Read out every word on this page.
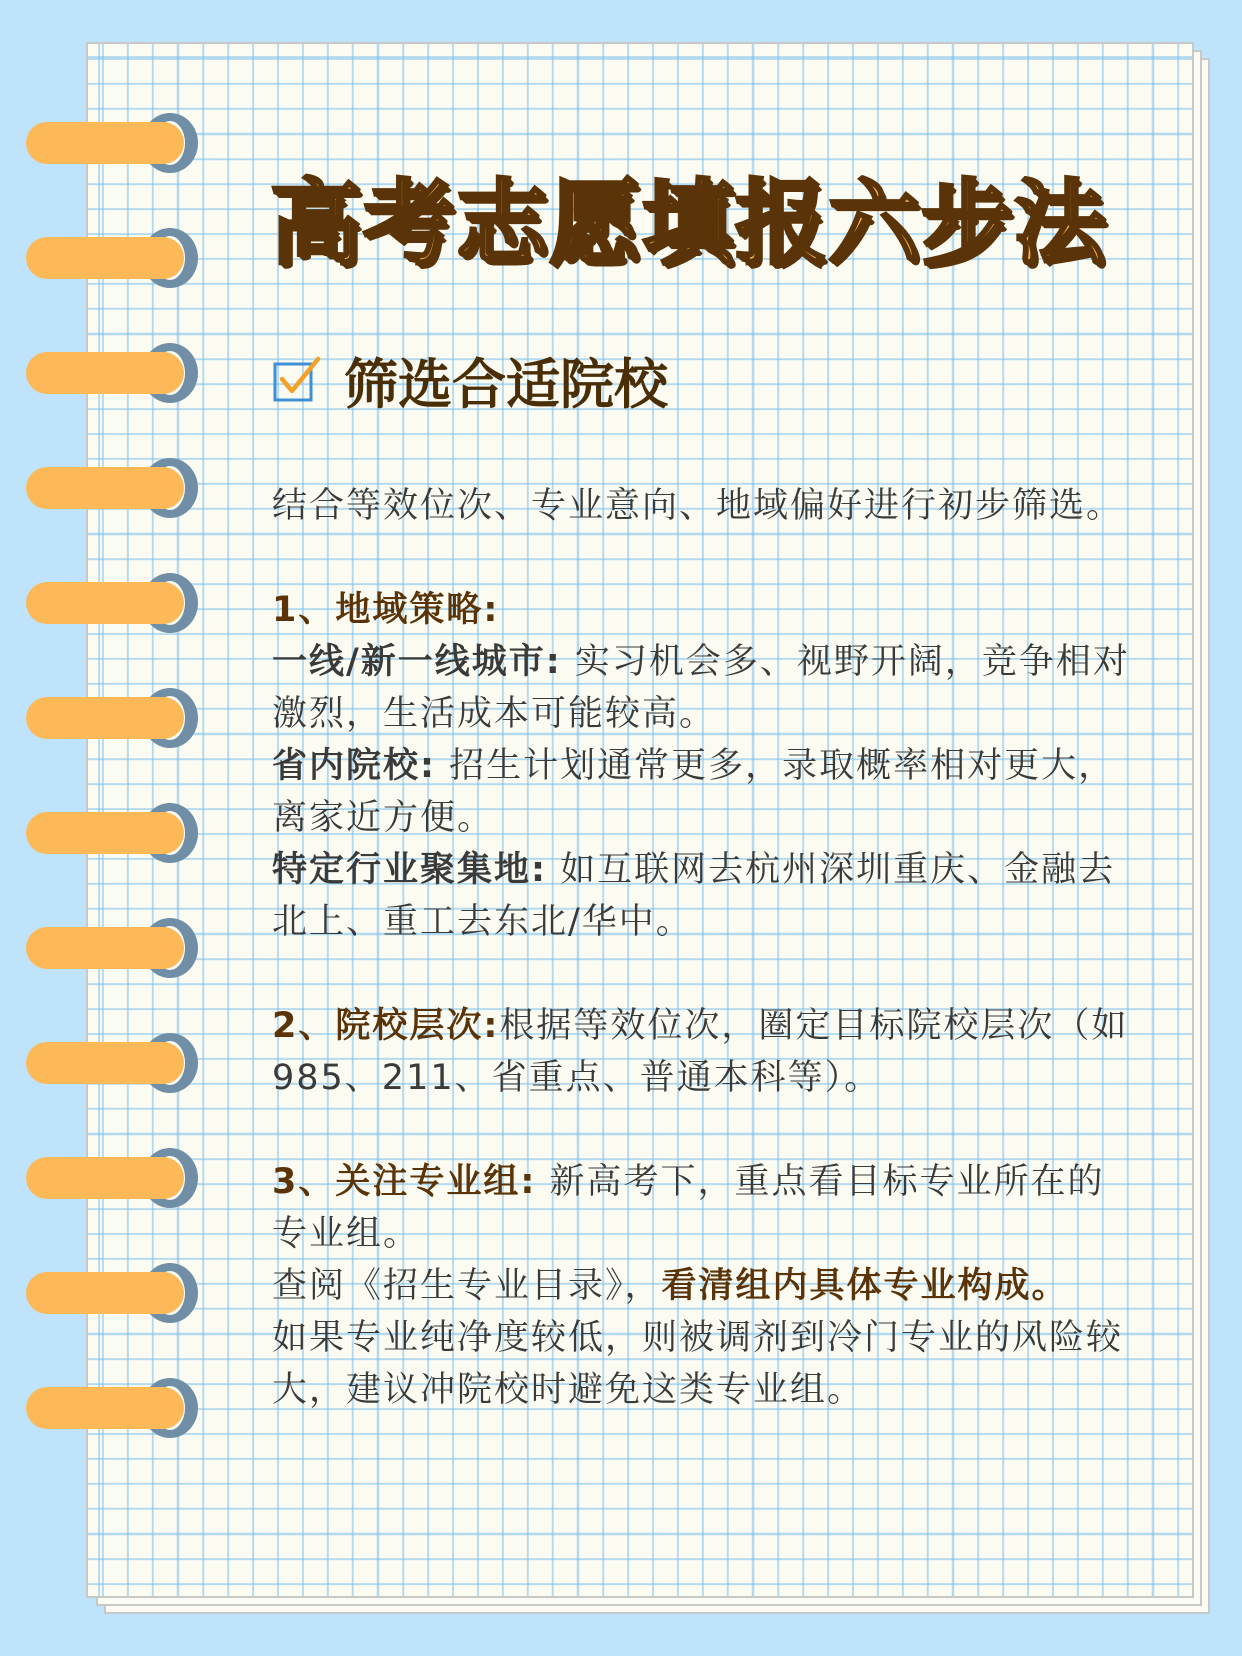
高考志愿填报六步法
筛选合适院校

结合等效位次、专业意向、地域偏好进行初步筛选。

1、地域策略:

一线/新一线城市: 实习机会多、视野开阔，竞争相对激烈，生活成本可能较高。

省内院校: 招生计划通常更多，录取概率相对更大，离家近方便。

特定行业聚集地: 如互联网去杭州深圳重庆、金融去北上、重工去东北/华中。

2、院校层次:根据等效位次，圈定目标院校层次（如985、211、省重点、普通本科等）。

3、关注专业组: 新高考下，重点看目标专业所在的专业组。

查阅《招生专业目录》，看清组内具体专业构成。

如果专业纯净度较低，则被调剂到冷门专业的风险较大，建议冲院校时避免这类专业组。
